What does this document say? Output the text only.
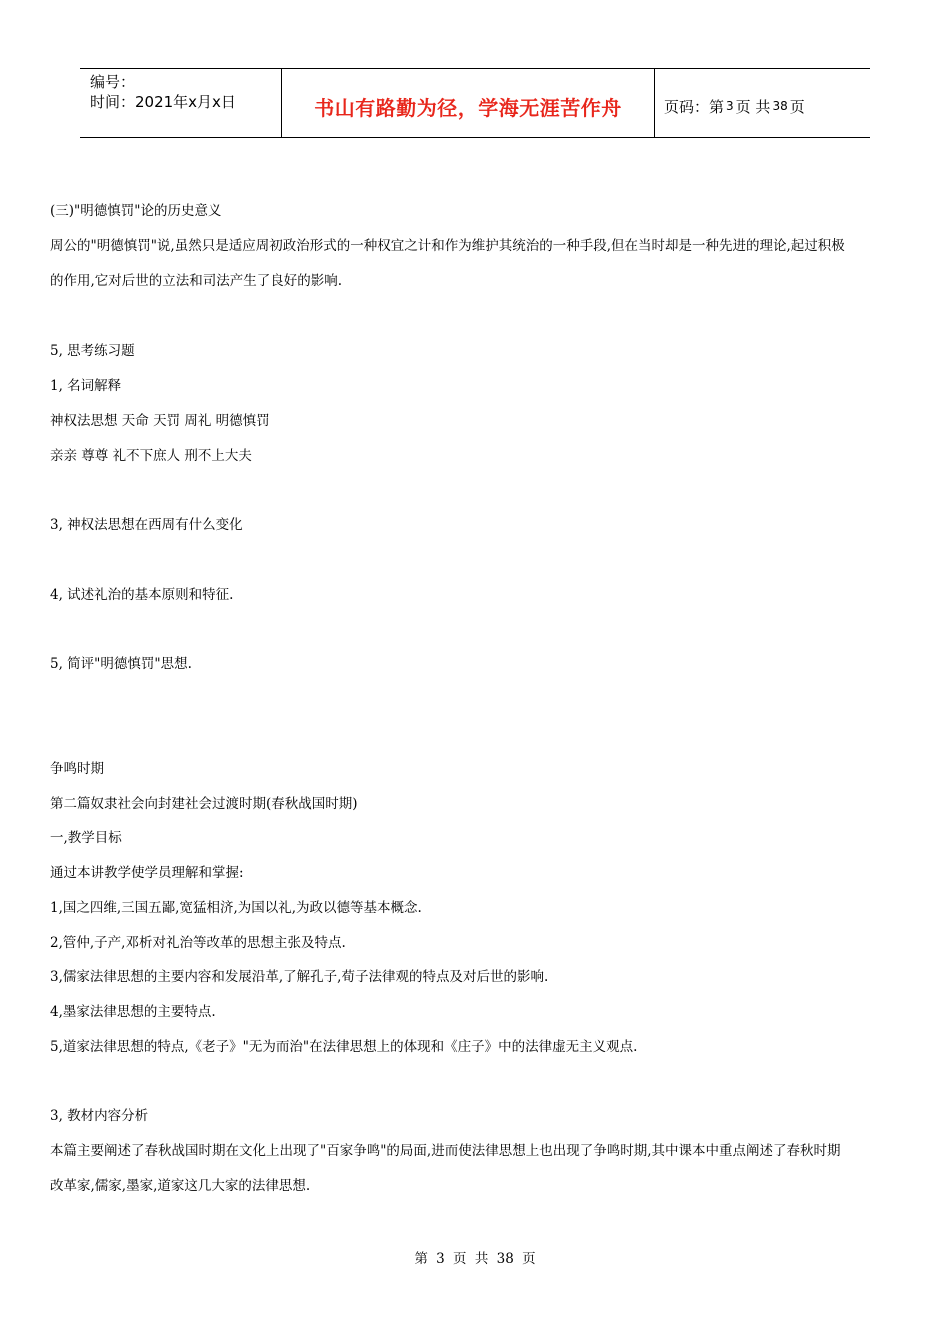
编号：
时间：2021年x月x日	书山有路勤为径，学海无涯苦作舟	页码：第 3 页 共 38 页
(三)"明德慎罚"论的历史意义
周公的"明德慎罚"说,虽然只是适应周初政治形式的一种权宜之计和作为维护其统治的一种手段,但在当时却是一种先进的理论,起过积极
的作用,它对后世的立法和司法产生了良好的影响.
5, 思考练习题
1, 名词解释
神权法思想 天命 天罚 周礼 明德慎罚
亲亲 尊尊 礼不下庶人 刑不上大夫
3, 神权法思想在西周有什么变化
4, 试述礼治的基本原则和特征.
5, 简评"明德慎罚"思想.
争鸣时期
第二篇奴隶社会向封建社会过渡时期(春秋战国时期)
一,教学目标
通过本讲教学使学员理解和掌握:
1,国之四维,三国五鄙,宽猛相济,为国以礼,为政以德等基本概念.
2,管仲,子产,邓析对礼治等改革的思想主张及特点.
3,儒家法律思想的主要内容和发展沿革,了解孔子,荀子法律观的特点及对后世的影响.
4,墨家法律思想的主要特点.
5,道家法律思想的特点,《老子》"无为而治"在法律思想上的体现和《庄子》中的法律虚无主义观点.
3, 教材内容分析
本篇主要阐述了春秋战国时期在文化上出现了"百家争鸣"的局面,进而使法律思想上也出现了争鸣时期,其中课本中重点阐述了春秋时期
改革家,儒家,墨家,道家这几大家的法律思想.
第 3 页 共 38 页
